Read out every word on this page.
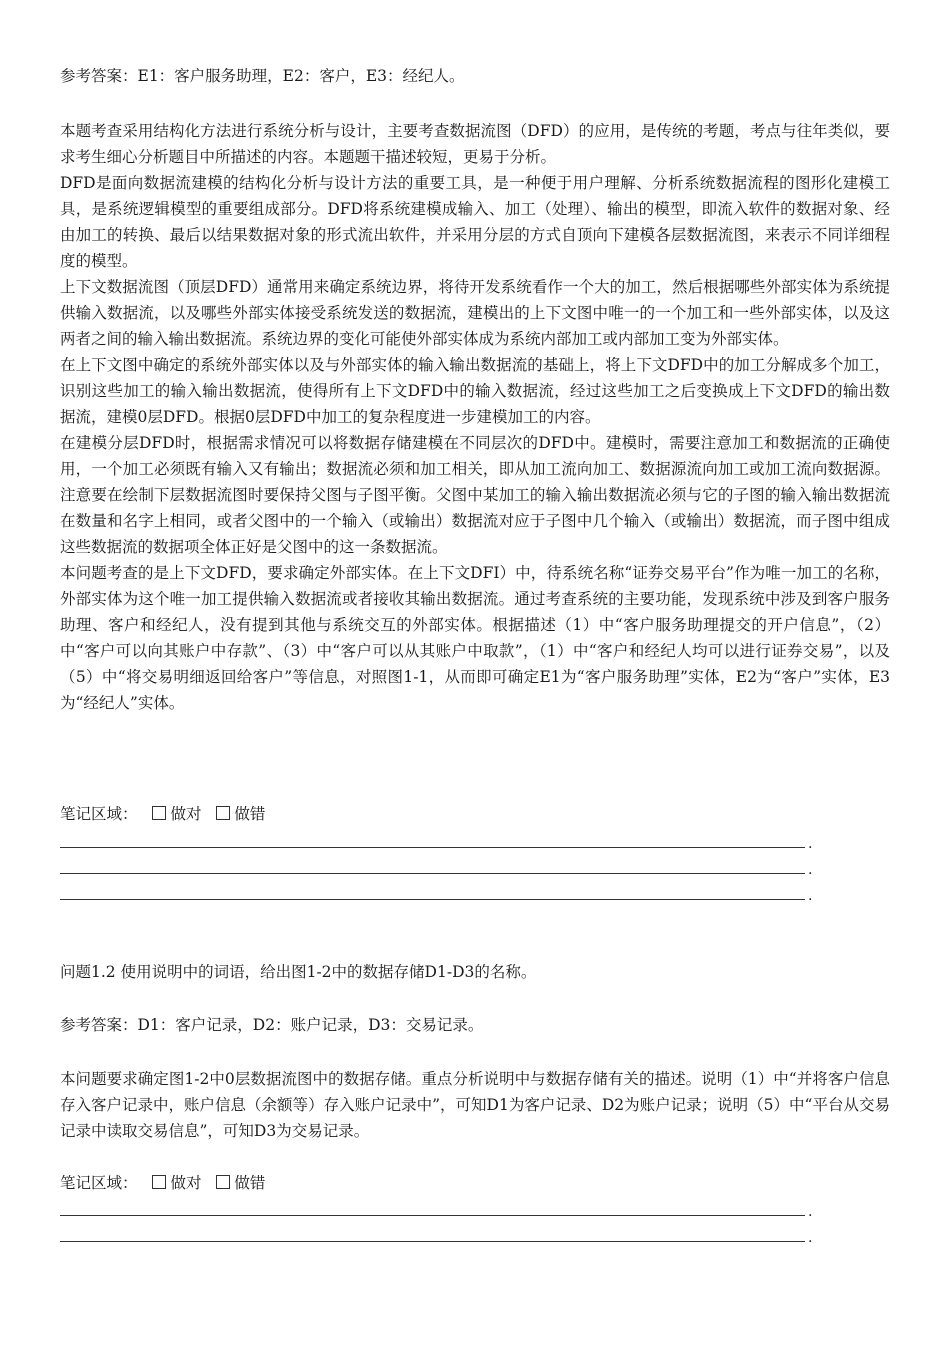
参考答案：E1：客户服务助理，E2：客户，E3：经纪人。

本题考查采用结构化方法进行系统分析与设计，主要考查数据流图（DFD）的应用，是传统的考题，考点与往年类似，要求考生细心分析题目中所描述的内容。本题题干描述较短，更易于分析。

DFD是面向数据流建模的结构化分析与设计方法的重要工具，是一种便于用户理解、分析系统数据流程的图形化建模工具，是系统逻辑模型的重要组成部分。DFD将系统建模成输入、加工（处理）、输出的模型，即流入软件的数据对象、经由加工的转换、最后以结果数据对象的形式流出软件，并采用分层的方式自顶向下建模各层数据流图，来表示不同详细程度的模型。

上下文数据流图（顶层DFD）通常用来确定系统边界，将待开发系统看作一个大的加工，然后根据哪些外部实体为系统提供输入数据流，以及哪些外部实体接受系统发送的数据流，建模出的上下文图中唯一的一个加工和一些外部实体，以及这两者之间的输入输出数据流。系统边界的变化可能使外部实体成为系统内部加工或内部加工变为外部实体。

在上下文图中确定的系统外部实体以及与外部实体的输入输出数据流的基础上，将上下文DFD中的加工分解成多个加工，识别这些加工的输入输出数据流，使得所有上下文DFD中的输入数据流，经过这些加工之后变换成上下文DFD的输出数据流，建模0层DFD。根据0层DFD中加工的复杂程度进一步建模加工的内容。

在建模分层DFD时，根据需求情况可以将数据存储建模在不同层次的DFD中。建模时，需要注意加工和数据流的正确使用，一个加工必须既有输入又有输出；数据流必须和加工相关，即从加工流向加工、数据源流向加工或加工流向数据源。注意要在绘制下层数据流图时要保持父图与子图平衡。父图中某加工的输入输出数据流必须与它的子图的输入输出数据流在数量和名字上相同，或者父图中的一个输入（或输出）数据流对应于子图中几个输入（或输出）数据流，而子图中组成这些数据流的数据项全体正好是父图中的这一条数据流。

本问题考查的是上下文DFD，要求确定外部实体。在上下文DFI）中，待系统名称“证券交易平台”作为唯一加工的名称，外部实体为这个唯一加工提供输入数据流或者接收其输出数据流。通过考查系统的主要功能，发现系统中涉及到客户服务助理、客户和经纪人，没有提到其他与系统交互的外部实体。根据描述（1）中“客户服务助理提交的开户信息”，（2）中“客户可以向其账户中存款”、（3）中“客户可以从其账户中取款”，（1）中“客户和经纪人均可以进行证券交易”，以及（5）中“将交易明细返回给客户”等信息，对照图1-1，从而即可确定E1为“客户服务助理”实体，E2为“客户”实体，E3为“经纪人”实体。

笔记区域： 做对 做错
.
.
.
问题1.2 使用说明中的词语，给出图1-2中的数据存储D1-D3的名称。
参考答案：D1：客户记录，D2：账户记录，D3：交易记录。

本问题要求确定图1-2中0层数据流图中的数据存储。重点分析说明中与数据存储有关的描述。说明（1）中“并将客户信息存入客户记录中，账户信息（余额等）存入账户记录中”，可知D1为客户记录、D2为账户记录；说明（5）中“平台从交易记录中读取交易信息”，可知D3为交易记录。

笔记区域： 做对 做错
.
.
